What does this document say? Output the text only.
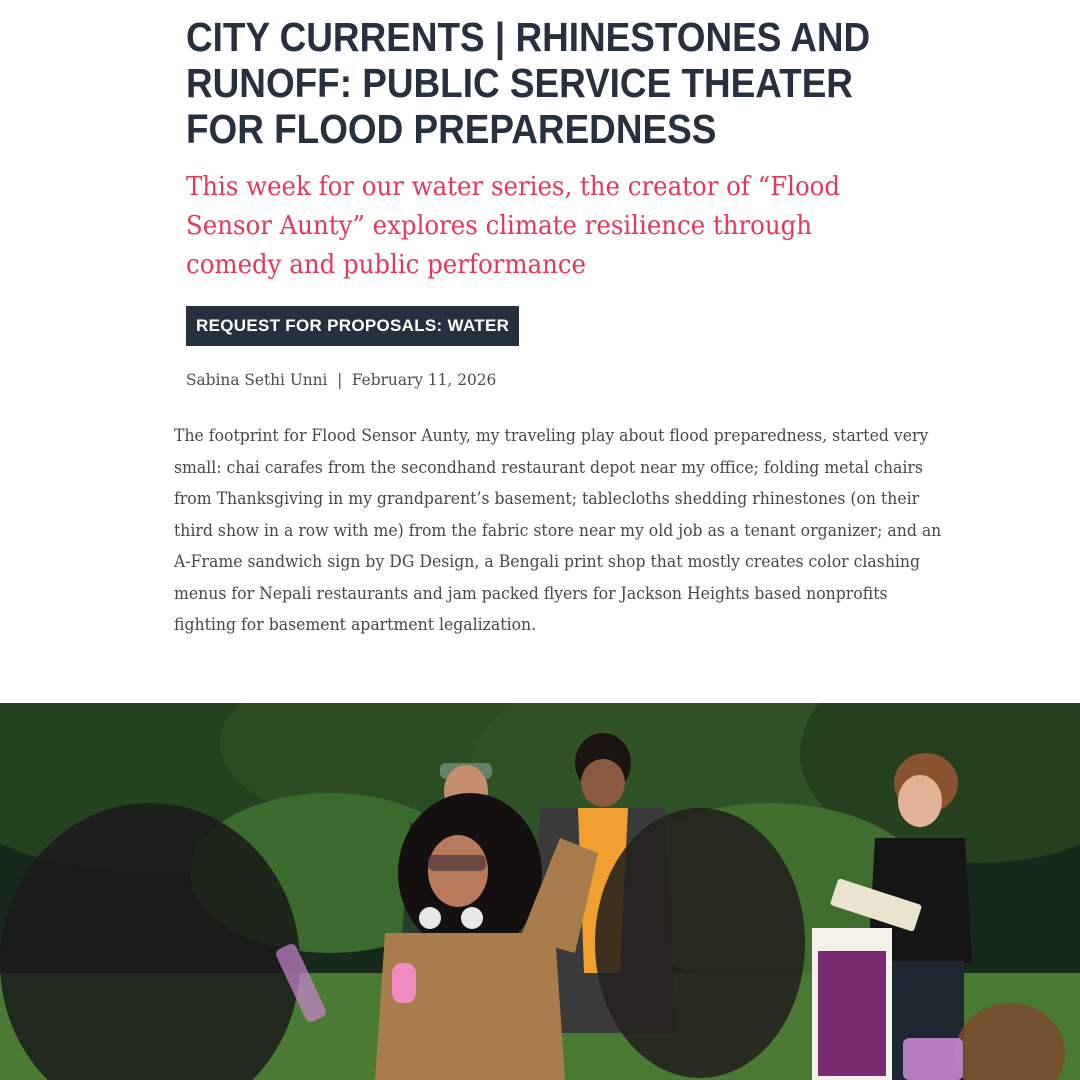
CITY CURRENTS | RHINESTONES AND RUNOFF: PUBLIC SERVICE THEATER FOR FLOOD PREPAREDNESS

This week for our water series, the creator of “Flood Sensor Aunty” explores climate resilience through comedy and public performance

REQUEST FOR PROPOSALS: WATER
Sabina Sethi Unni | February 11, 2026

The footprint for Flood Sensor Aunty, my traveling play about flood preparedness, started very small: chai carafes from the secondhand restaurant depot near my office; folding metal chairs from Thanksgiving in my grandparent’s basement; tablecloths shedding rhinestones (on their third show in a row with me) from the fabric store near my old job as a tenant organizer; and an A-Frame sandwich sign by DG Design, a Bengali print shop that mostly creates color clashing menus for Nepali restaurants and jam packed flyers for Jackson Heights based nonprofits fighting for basement apartment legalization.
